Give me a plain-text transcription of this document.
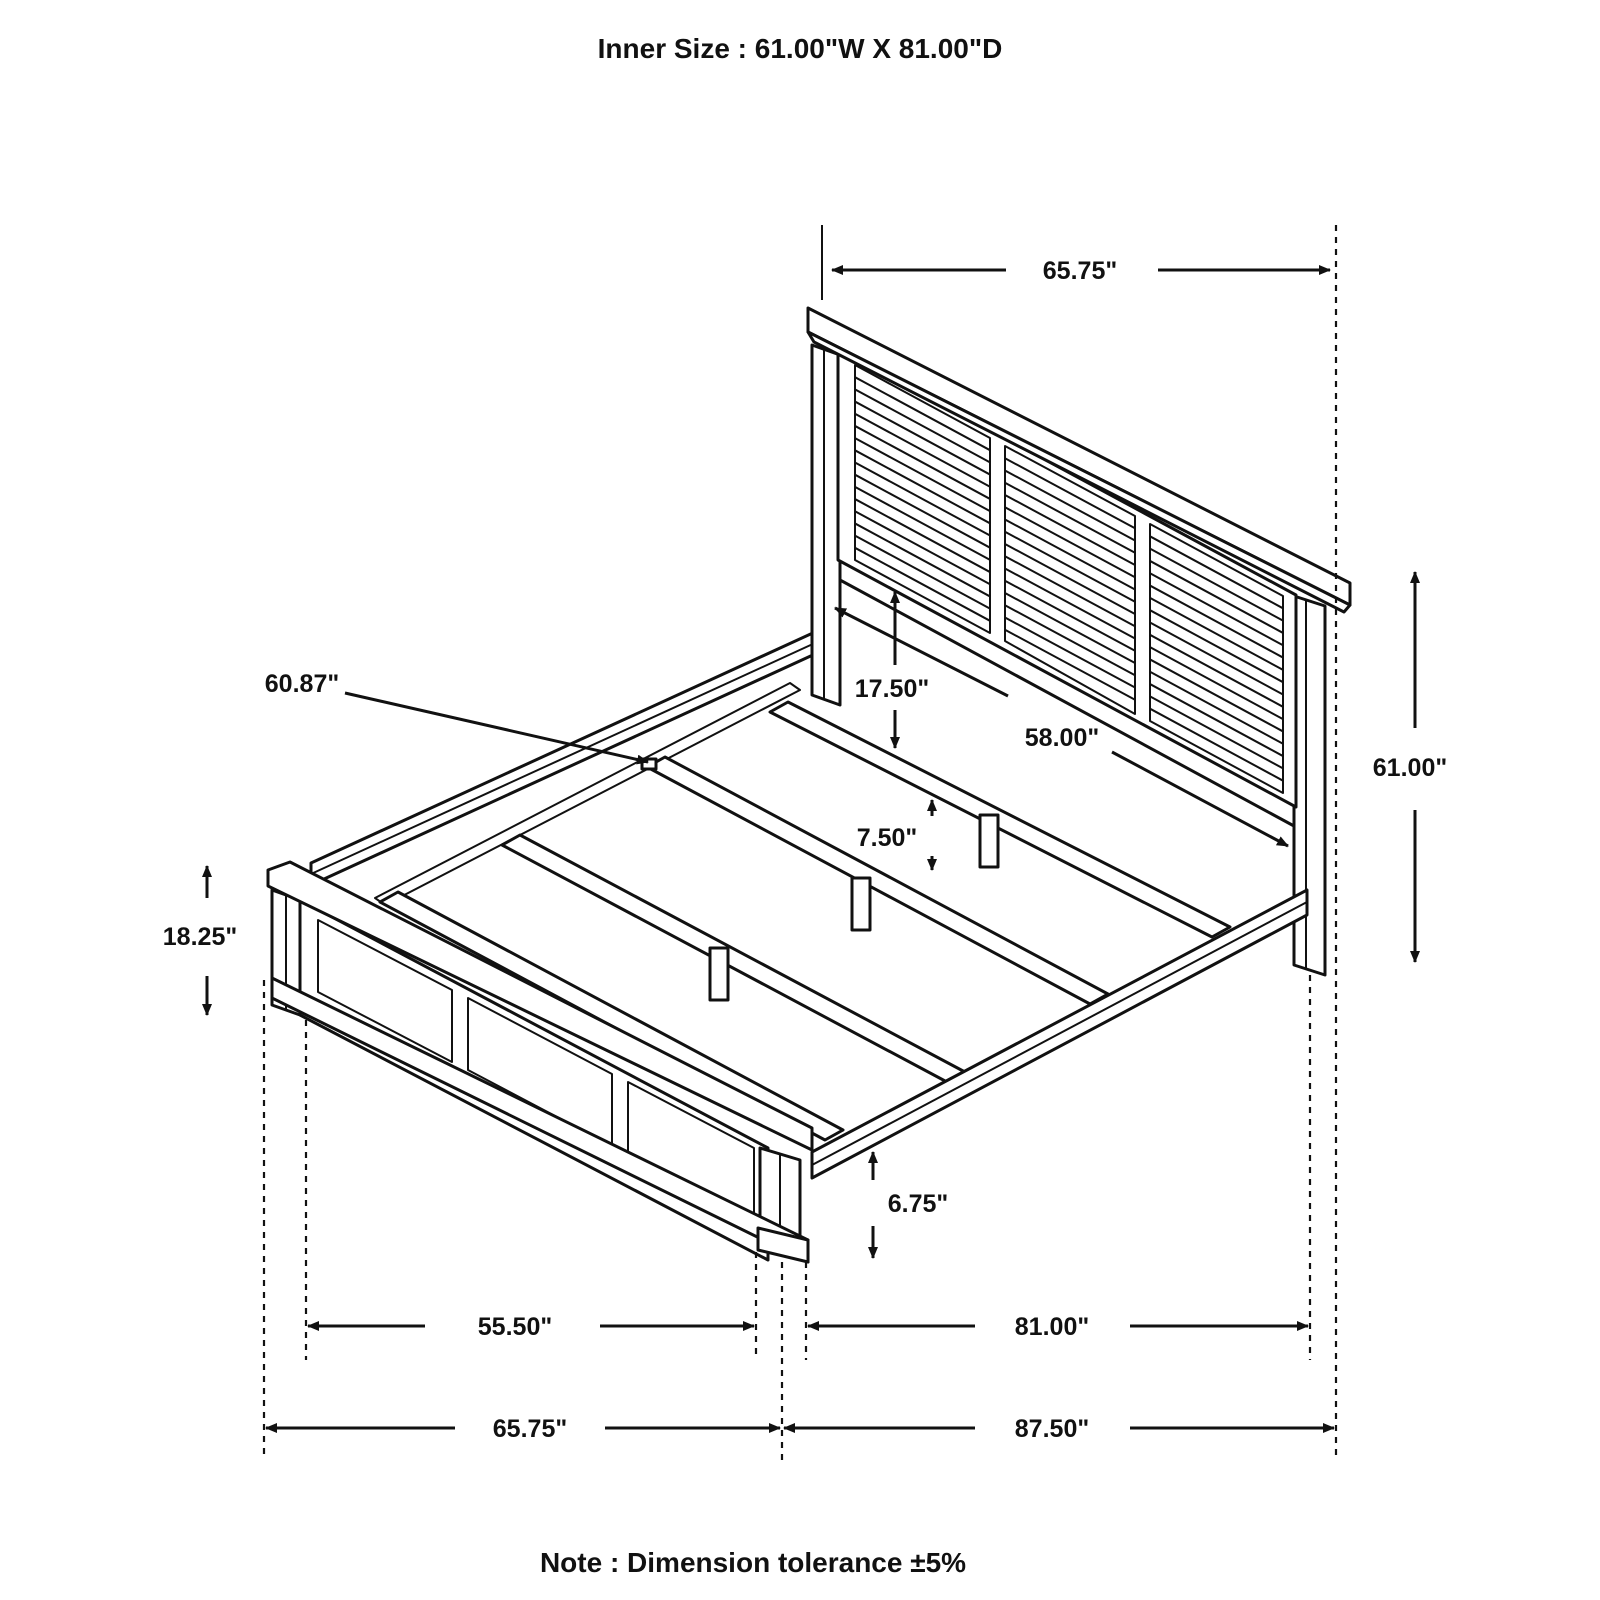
Inner Size : 61.00"W X 81.00"D
65.75"
61.00"
17.50"
58.00"
60.87"
7.50"
18.25"
6.75"
55.50"	81.00"
65.75"	87.50"
Note : Dimension tolerance ±5%
